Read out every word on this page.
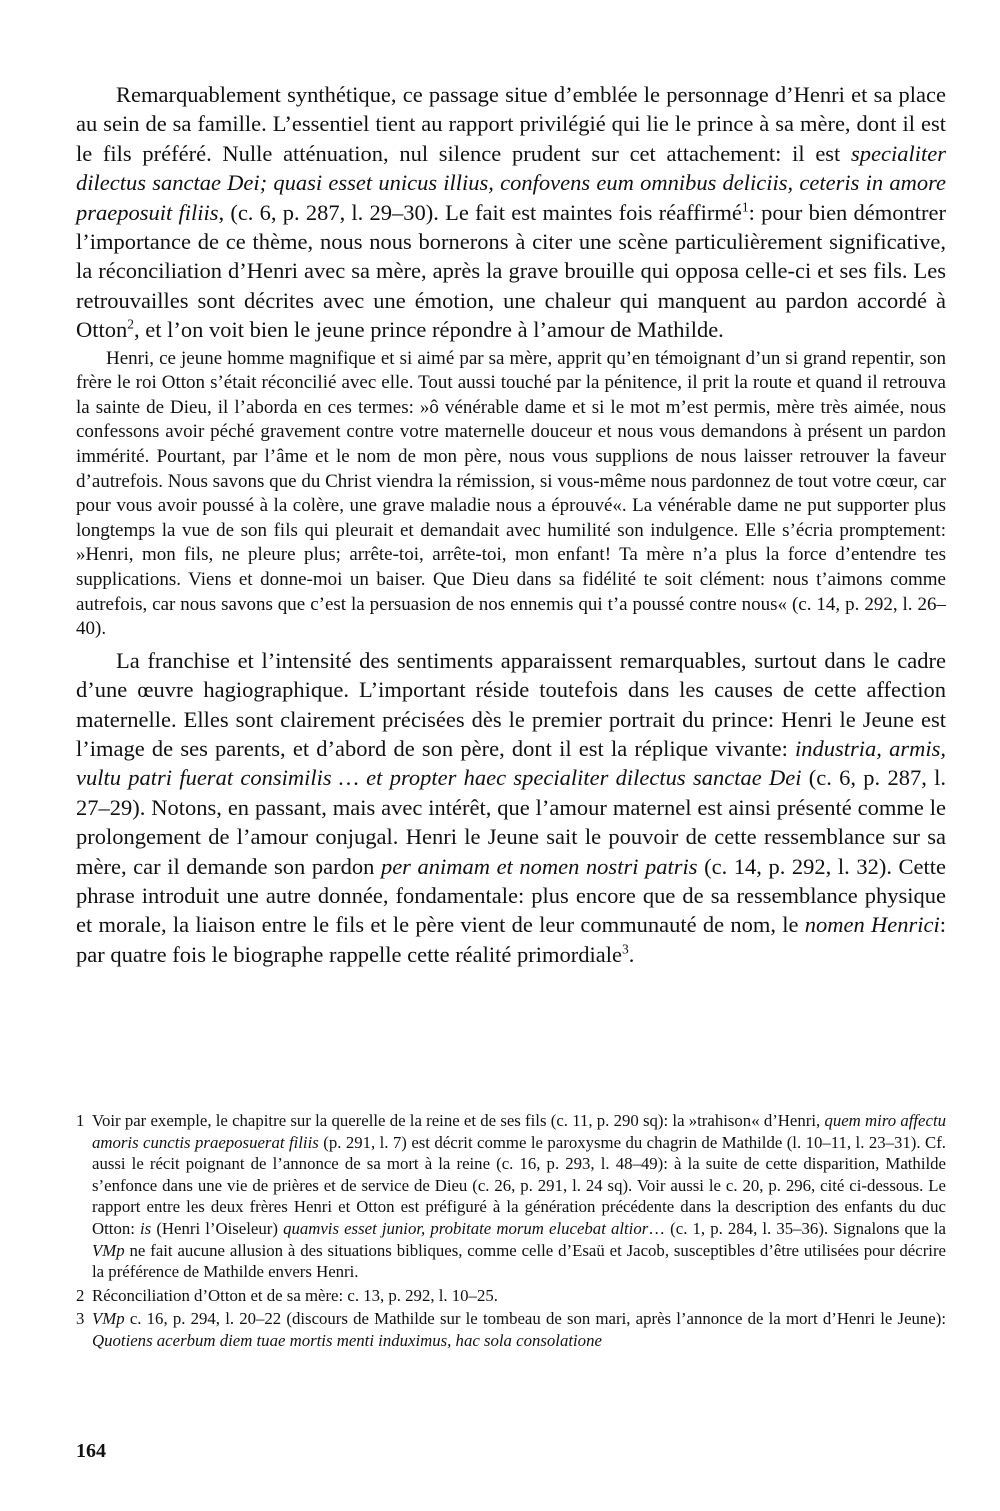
Remarquablement synthétique, ce passage situe d’emblée le personnage d’Henri et sa place au sein de sa famille. L’essentiel tient au rapport privilégié qui lie le prince à sa mère, dont il est le fils préféré. Nulle atténuation, nul silence prudent sur cet attachement: il est specialiter dilectus sanctae Dei; quasi esset unicus illius, confovens eum omnibus deliciis, ceteris in amore praeposuit filiis, (c. 6, p. 287, l. 29–30). Le fait est maintes fois réaffirmé$^1$: pour bien démontrer l’importance de ce thème, nous nous bornerons à citer une scène particulièrement significative, la réconciliation d’Henri avec sa mère, après la grave brouille qui opposa celle-ci et ses fils. Les retrouvailles sont décrites avec une émotion, une chaleur qui manquent au pardon accordé à Otton$^2$, et l’on voit bien le jeune prince répondre à l’amour de Mathilde.

Henri, ce jeune homme magnifique et si aimé par sa mère, apprit qu’en témoignant d’un si grand repentir, son frère le roi Otton s’était réconcilié avec elle. Tout aussi touché par la pénitence, il prit la route et quand il retrouva la sainte de Dieu, il l’aborda en ces termes: »ô vénérable dame et si le mot m’est permis, mère très aimée, nous confessons avoir péché gravement contre votre maternelle douceur et nous vous demandons à présent un pardon immérité. Pourtant, par l’âme et le nom de mon père, nous vous supplions de nous laisser retrouver la faveur d’autrefois. Nous savons que du Christ viendra la rémission, si vous-même nous pardonnez de tout votre cœur, car pour vous avoir poussé à la colère, une grave maladie nous a éprouvé«. La vénérable dame ne put supporter plus longtemps la vue de son fils qui pleurait et demandait avec humilité son indulgence. Elle s’écria promptement: »Henri, mon fils, ne pleure plus; arrête-toi, arrête-toi, mon enfant! Ta mère n’a plus la force d’entendre tes supplications. Viens et donne-moi un baiser. Que Dieu dans sa fidélité te soit clément: nous t’aimons comme autrefois, car nous savons que c’est la persuasion de nos ennemis qui t’a poussé contre nous« (c. 14, p. 292, l. 26–40).

La franchise et l’intensité des sentiments apparaissent remarquables, surtout dans le cadre d’une œuvre hagiographique. L’important réside toutefois dans les causes de cette affection maternelle. Elles sont clairement précisées dès le premier portrait du prince: Henri le Jeune est l’image de ses parents, et d’abord de son père, dont il est la réplique vivante: industria, armis, vultu patri fuerat consimilis … et propter haec specialiter dilectus sanctae Dei (c. 6, p. 287, l. 27–29). Notons, en passant, mais avec intérêt, que l’amour maternel est ainsi présenté comme le prolongement de l’amour conjugal. Henri le Jeune sait le pouvoir de cette ressemblance sur sa mère, car il demande son pardon per animam et nomen nostri patris (c. 14, p. 292, l. 32). Cette phrase introduit une autre donnée, fondamentale: plus encore que de sa ressemblance physique et morale, la liaison entre le fils et le père vient de leur communauté de nom, le nomen Henrici: par quatre fois le biographe rappelle cette réalité primordiale$^3$.

1 Voir par exemple, le chapitre sur la querelle de la reine et de ses fils (c. 11, p. 290 sq): la »trahison« d’Henri, quem miro affectu amoris cunctis praeposuerat filiis (p. 291, l. 7) est décrit comme le paroxysme du chagrin de Mathilde (l. 10–11, l. 23–31). Cf. aussi le récit poignant de l’annonce de sa mort à la reine (c. 16, p. 293, l. 48–49): à la suite de cette disparition, Mathilde s’enfonce dans une vie de prières et de service de Dieu (c. 26, p. 291, l. 24 sq). Voir aussi le c. 20, p. 296, cité ci-dessous. Le rapport entre les deux frères Henri et Otton est préfiguré à la génération précédente dans la description des enfants du duc Otton: is (Henri l’Oiseleur) quamvis esset junior, probitate morum elucebat altior… (c. 1, p. 284, l. 35–36). Signalons que la VMp ne fait aucune allusion à des situations bibliques, comme celle d’Esaü et Jacob, susceptibles d’être utilisées pour décrire la préférence de Mathilde envers Henri.
2 Réconciliation d’Otton et de sa mère: c. 13, p. 292, l. 10–25.
3 VMp c. 16, p. 294, l. 20–22 (discours de Mathilde sur le tombeau de son mari, après l’annonce de la mort d’Henri le Jeune): Quotiens acerbum diem tuae mortis menti induximus, hac sola consolatione
164
